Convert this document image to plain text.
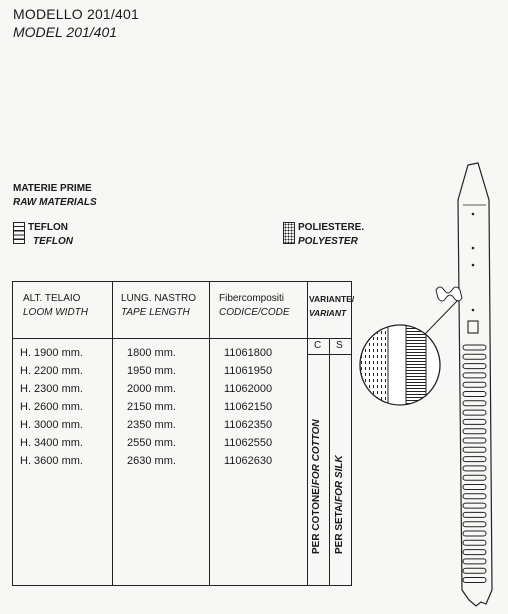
MODELLO 201/401
MODEL 201/401
MATERIE PRIME
RAW MATERIALS
TEFLON
TEFLON
POLIESTERE.
POLYESTER
ALT. TELAIO
LOOM WIDTH
LUNG. NASTRO
TAPE LENGTH
Fibercompositi
CODICE/CODE
VARIANTE/
VARIANT
C S
H. 1900 mm.
H. 2200 mm.
H. 2300 mm.
H. 2600 mm.
H. 3000 mm.
H. 3400 mm.
H. 3600 mm.
1800 mm.
1950 mm.
2000 mm.
2150 mm.
2350 mm.
2550 mm.
2630 mm.
11061800
11061950
11062000
11062150
11062350
11062550
11062630
PER COTONE/FOR COTTON
PER SETA/FOR SILK
